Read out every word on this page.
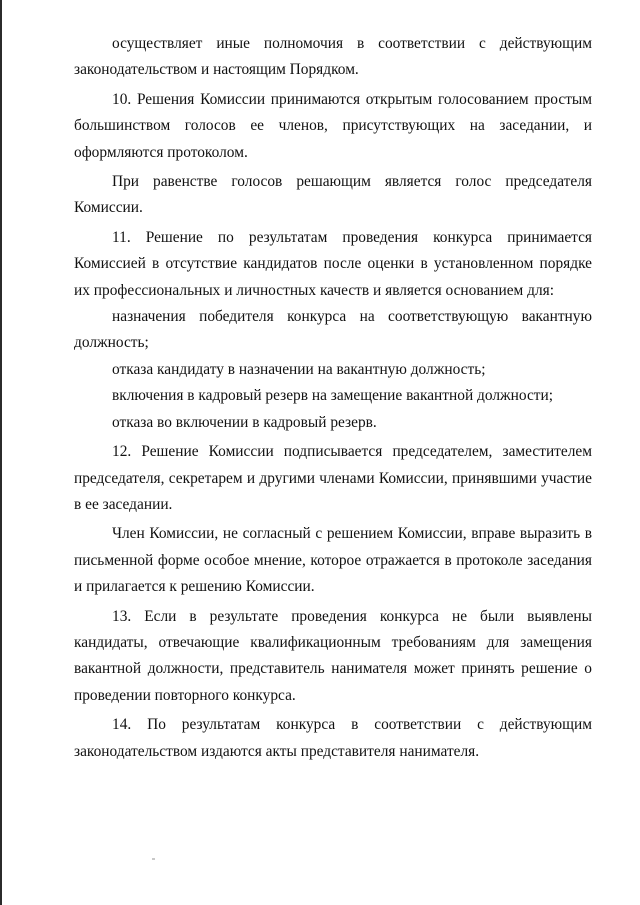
осуществляет иные полномочия в соответствии с действующим законодательством и настоящим Порядком.

10. Решения Комиссии принимаются открытым голосованием простым большинством голосов ее членов, присутствующих на заседании, и оформляются протоколом.

При равенстве голосов решающим является голос председателя Комиссии.

11. Решение по результатам проведения конкурса принимается Комиссией в отсутствие кандидатов после оценки в установленном порядке их профессиональных и личностных качеств и является основанием для:

назначения победителя конкурса на соответствующую вакантную должность;

отказа кандидату в назначении на вакантную должность;

включения в кадровый резерв на замещение вакантной должности;

отказа во включении в кадровый резерв.

12. Решение Комиссии подписывается председателем, заместителем председателя, секретарем и другими членами Комиссии, принявшими участие в ее заседании.

Член Комиссии, не согласный с решением Комиссии, вправе выразить в письменной форме особое мнение, которое отражается в протоколе заседания и прилагается к решению Комиссии.

13. Если в результате проведения конкурса не были выявлены кандидаты, отвечающие квалификационным требованиям для замещения вакантной должности, представитель нанимателя может принять решение о проведении повторного конкурса.

14. По результатам конкурса в соответствии с действующим законодательством издаются акты представителя нанимателя.
